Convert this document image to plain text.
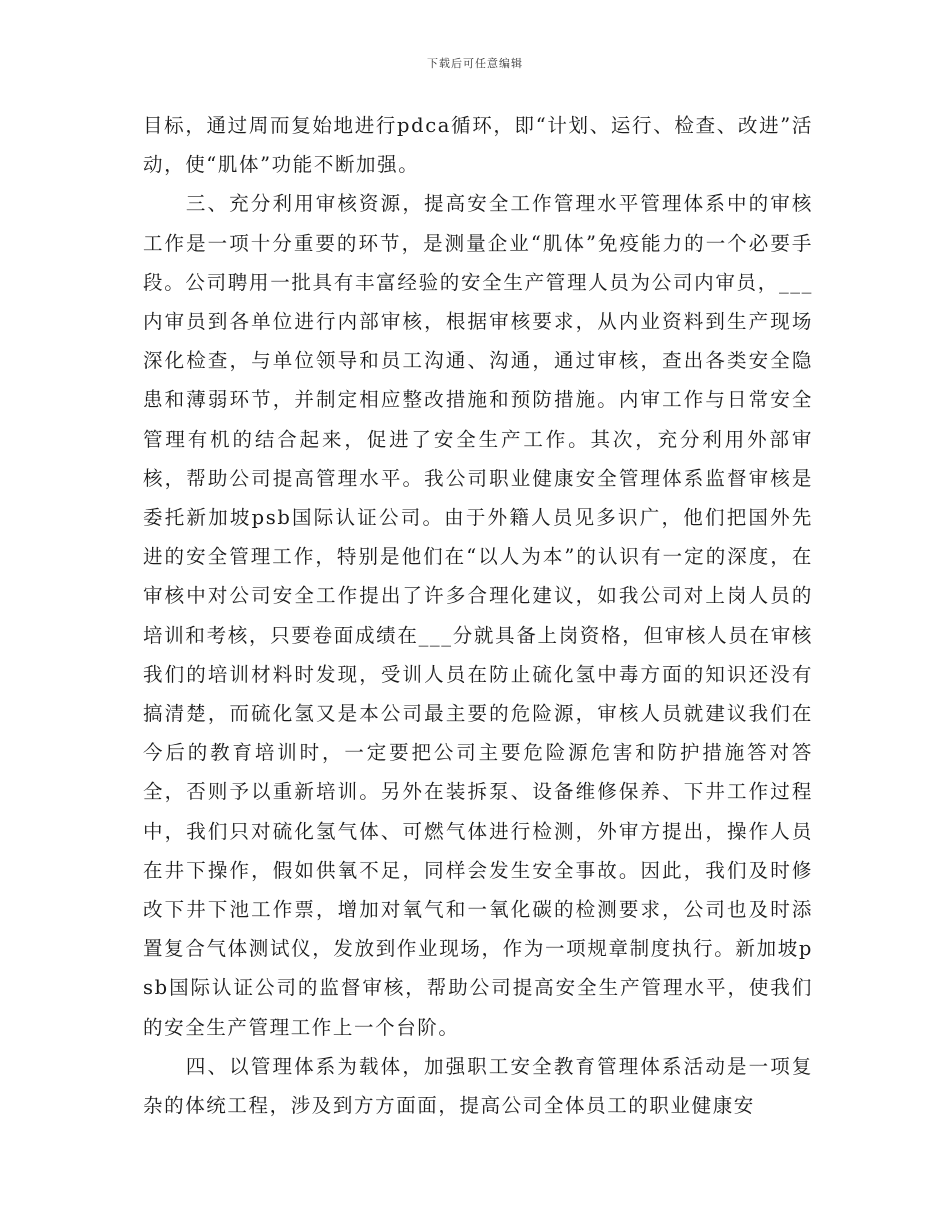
下载后可任意编辑

目标，通过周而复始地进行pdca循环，即“计划、运行、检查、改进”活动，使“肌体”功能不断加强。

三、充分利用审核资源，提高安全工作管理水平管理体系中的审核工作是一项十分重要的环节，是测量企业“肌体”免疫能力的一个必要手段。公司聘用一批具有丰富经验的安全生产管理人员为公司内审员，___内审员到各单位进行内部审核，根据审核要求，从内业资料到生产现场深化检查，与单位领导和员工沟通、沟通，通过审核，查出各类安全隐患和薄弱环节，并制定相应整改措施和预防措施。内审工作与日常安全管理有机的结合起来，促进了安全生产工作。其次，充分利用外部审核，帮助公司提高管理水平。我公司职业健康安全管理体系监督审核是委托新加坡psb国际认证公司。由于外籍人员见多识广，他们把国外先进的安全管理工作，特别是他们在“以人为本”的认识有一定的深度，在审核中对公司安全工作提出了许多合理化建议，如我公司对上岗人员的培训和考核，只要卷面成绩在___分就具备上岗资格，但审核人员在审核我们的培训材料时发现，受训人员在防止硫化氢中毒方面的知识还没有搞清楚，而硫化氢又是本公司最主要的危险源，审核人员就建议我们在今后的教育培训时，一定要把公司主要危险源危害和防护措施答对答全，否则予以重新培训。另外在装拆泵、设备维修保养、下井工作过程中，我们只对硫化氢气体、可燃气体进行检测，外审方提出，操作人员在井下操作，假如供氧不足，同样会发生安全事故。因此，我们及时修改下井下池工作票，增加对氧气和一氧化碳的检测要求，公司也及时添置复合气体测试仪，发放到作业现场，作为一项规章制度执行。新加坡psb国际认证公司的监督审核，帮助公司提高安全生产管理水平，使我们的安全生产管理工作上一个台阶。

四、以管理体系为载体，加强职工安全教育管理体系活动是一项复杂的体统工程，涉及到方方面面，提高公司全体员工的职业健康安
